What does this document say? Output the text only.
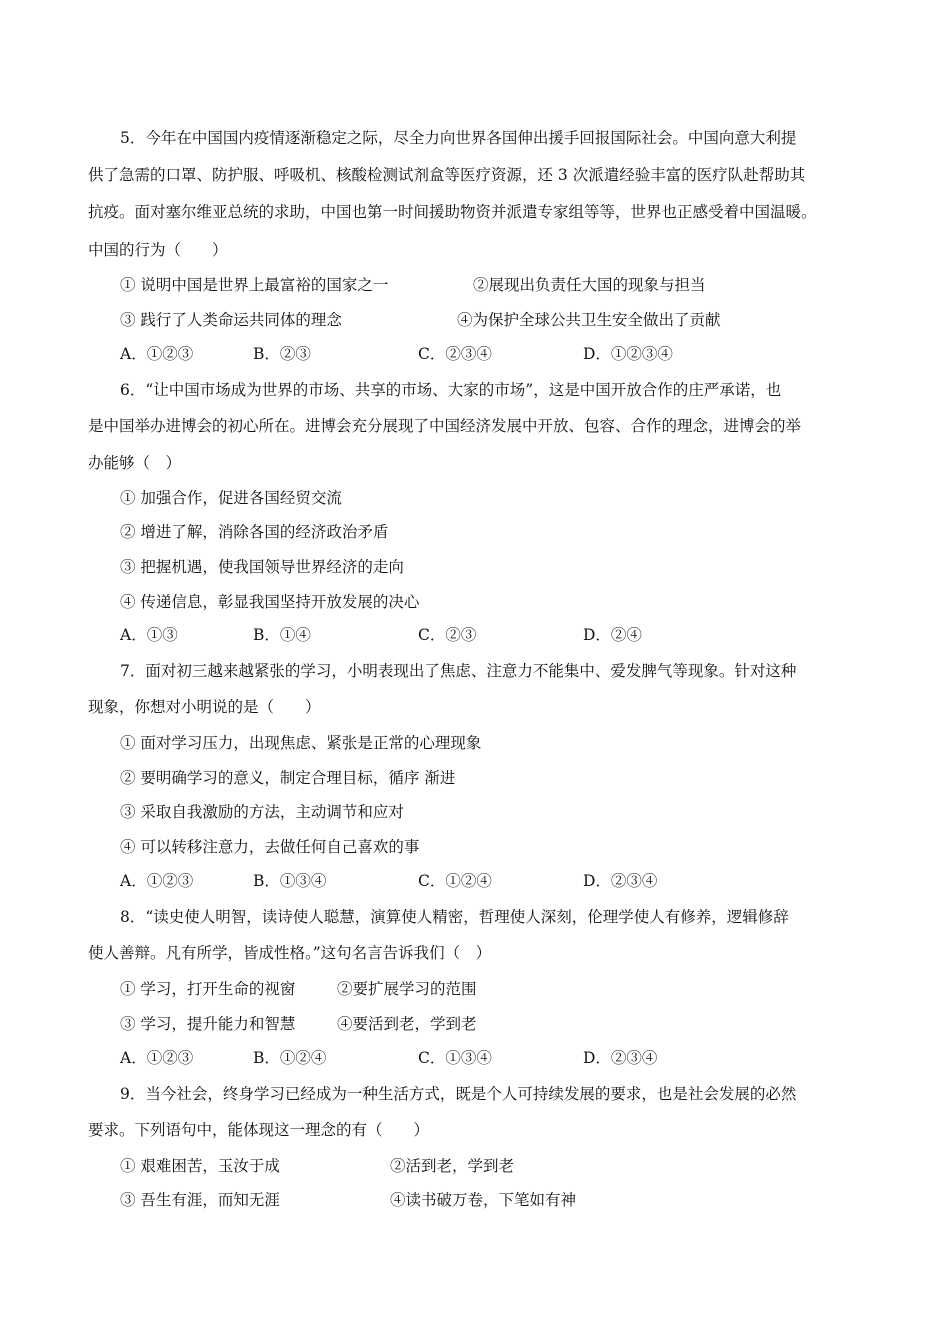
5．今年在中国国内疫情逐渐稳定之际，尽全力向世界各国伸出援手回报国际社会。中国向意大利提
供了急需的口罩、防护服、呼吸机、核酸检测试剂盒等医疗资源，还 3 次派遣经验丰富的医疗队赴帮助其
抗疫。面对塞尔维亚总统的求助，中国也第一时间援助物资并派遣专家组等等，世界也正感受着中国温暖。
中国的行为（　　）
① 说明中国是世界上最富裕的国家之一	②展现出负责任大国的现象与担当
③ 践行了人类命运共同体的理念	④为保护全球公共卫生安全做出了贡献
A．①②③	B．②③	C．②③④	D．①②③④
6．“让中国市场成为世界的市场、共享的市场、大家的市场”，这是中国开放合作的庄严承诺，也
是中国举办进博会的初心所在。进博会充分展现了中国经济发展中开放、包容、合作的理念，进博会的举
办能够（　）
① 加强合作，促进各国经贸交流
② 增进了解，消除各国的经济政治矛盾
③ 把握机遇，使我国领导世界经济的走向
④ 传递信息，彰显我国坚持开放发展的决心
A．①③	B．①④	C．②③	D．②④
7．面对初三越来越紧张的学习，小明表现出了焦虑、注意力不能集中、爱发脾气等现象。针对这种
现象，你想对小明说的是（　　）
① 面对学习压力，出现焦虑、紧张是正常的心理现象
② 要明确学习的意义，制定合理目标，循序 渐进
③ 采取自我激励的方法，主动调节和应对
④ 可以转移注意力，去做任何自己喜欢的事
A．①②③	B．①③④	C．①②④	D．②③④
8．“读史使人明智，读诗使人聪慧，演算使人精密，哲理使人深刻，伦理学使人有修养，逻辑修辞
使人善辩。凡有所学，皆成性格。”这句名言告诉我们（　）
① 学习，打开生命的视窗	②要扩展学习的范围
③ 学习，提升能力和智慧	④要活到老，学到老
A．①②③	B．①②④	C．①③④	D．②③④
9．当今社会，终身学习已经成为一种生活方式，既是个人可持续发展的要求，也是社会发展的必然
要求。下列语句中，能体现这一理念的有（　　）
① 艰难困苦，玉汝于成	②活到老，学到老
③ 吾生有涯，而知无涯	④读书破万卷，下笔如有神
